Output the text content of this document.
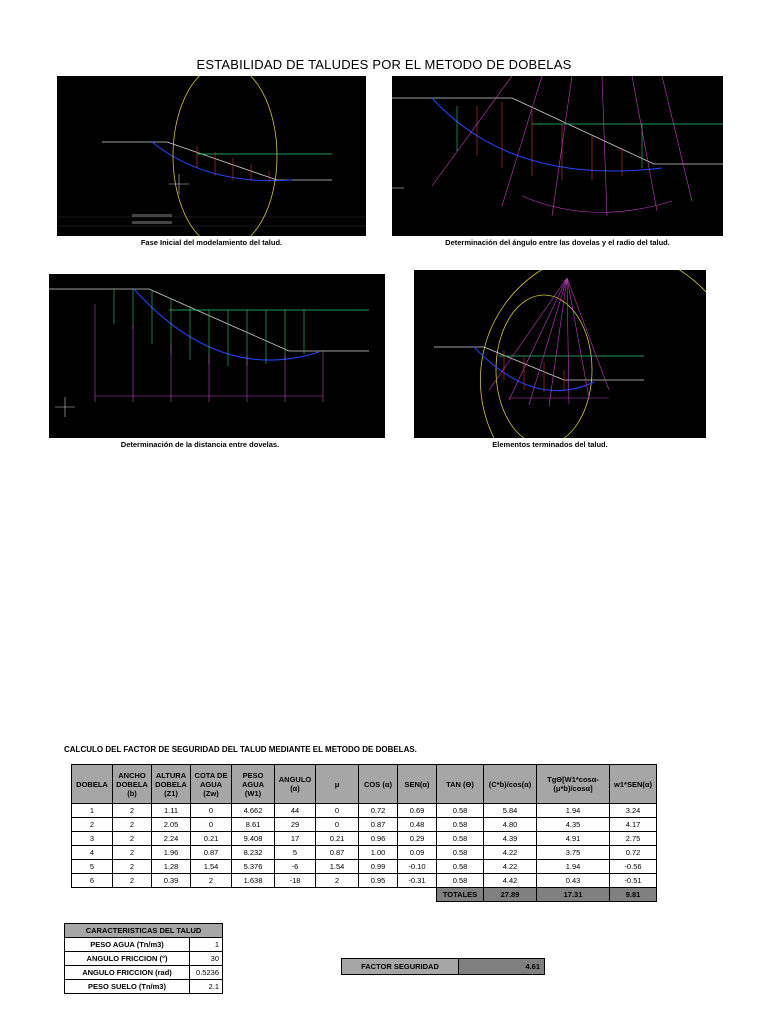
ESTABILIDAD DE TALUDES POR EL METODO DE DOBELAS
Fase Inicial del modelamiento del talud.	Determinación del ángulo entre las dovelas y el radio del talud.
Determinación de la distancia entre dovelas.	Elementos terminados del talud.
CALCULO DEL FACTOR DE SEGURIDAD DEL TALUD MEDIANTE EL METODO DE DOBELAS.
DOBELA	ANCHO DOBELA (b)	ALTURA DOBELA (Z1)	COTA DE AGUA (Zw)	PESO AGUA (W1)	ANGULO (α)	μ	COS (α)	SEN(α)	TAN (Θ)	(C*b)/cos(α)	TgΘ[W1*cosα-(μ*b)/cosα]	w1*SEN(α)
1	2	1.11	0	4.662	44	0	0.72	0.69	0.58	5.84	1.94	3.24
2	2	2.05	0	8.61	29	0	0.87	0.48	0.58	4.80	4.35	4.17
3	2	2.24	0.21	9.408	17	0.21	0.96	0.29	0.58	4.39	4.91	2.75
4	2	1.96	0.87	8.232	5	0.87	1.00	0.09	0.58	4.22	3.75	0.72
5	2	1.28	1.54	5.376	-6	1.54	0.99	-0.10	0.58	4.22	1.94	-0.56
6	2	0.39	2	1.638	-18	2	0.95	-0.31	0.58	4.42	0.43	-0.51
									TOTALES	27.89	17.31	9.81
CARACTERISTICAS DEL TALUD	
PESO AGUA (Tn/m3)	1
ANGULO FRICCION (°)	30
ANGULO FRICCION (rad)	0.5236
PESO SUELO (Tn/m3)	2.1
FACTOR SEGURIDAD	4.61
